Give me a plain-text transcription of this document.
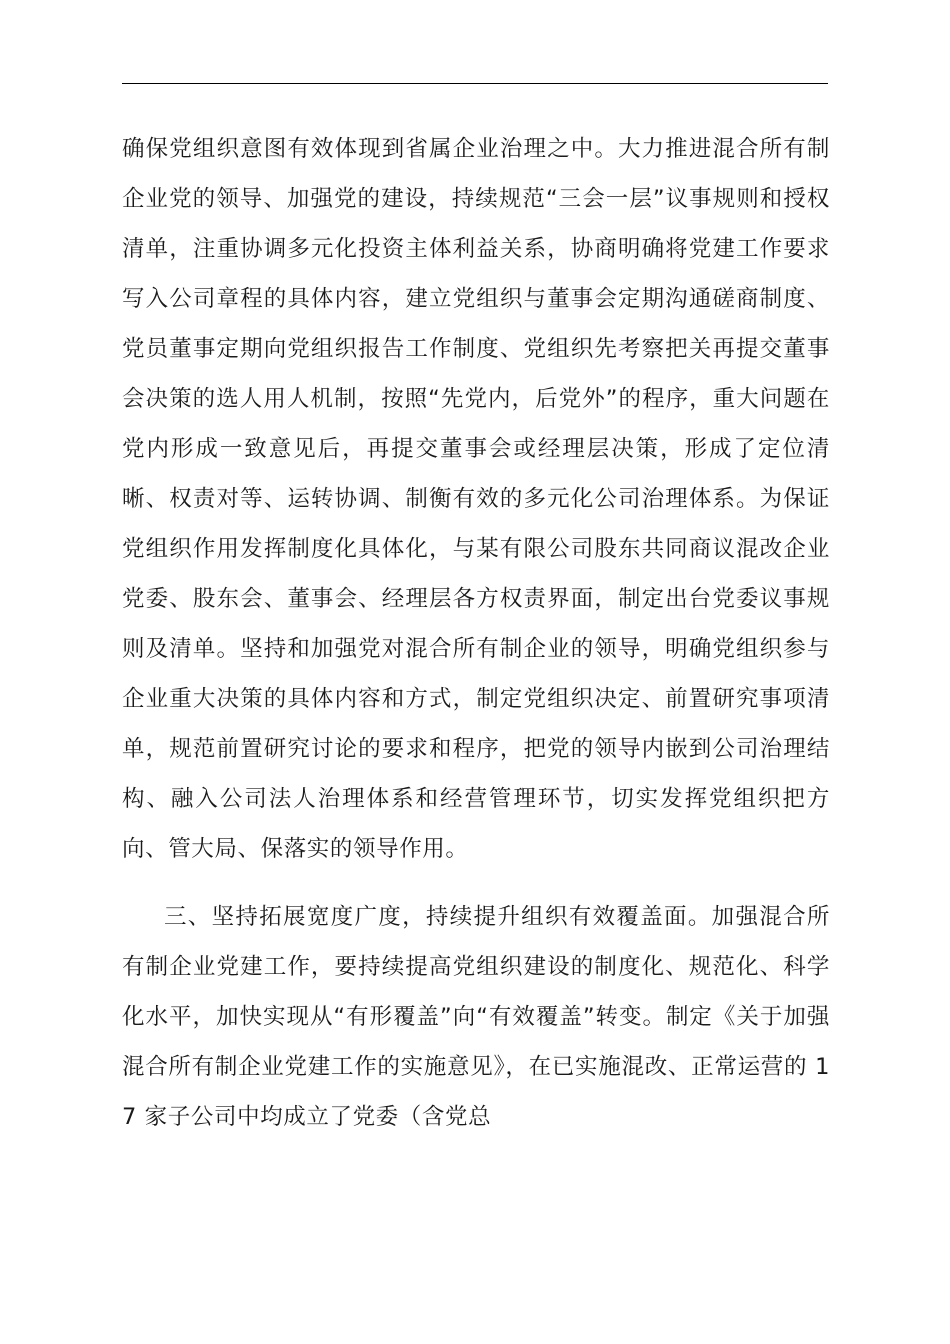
确保党组织意图有效体现到省属企业治理之中。大力推进混合所有制企业党的领导、加强党的建设，持续规范“三会一层”议事规则和授权清单，注重协调多元化投资主体利益关系，协商明确将党建工作要求写入公司章程的具体内容，建立党组织与董事会定期沟通磋商制度、党员董事定期向党组织报告工作制度、党组织先考察把关再提交董事会决策的选人用人机制，按照“先党内，后党外”的程序，重大问题在党内形成一致意见后，再提交董事会或经理层决策，形成了定位清晰、权责对等、运转协调、制衡有效的多元化公司治理体系。为保证党组织作用发挥制度化具体化，与某有限公司股东共同商议混改企业党委、股东会、董事会、经理层各方权责界面，制定出台党委议事规则及清单。坚持和加强党对混合所有制企业的领导，明确党组织参与企业重大决策的具体内容和方式，制定党组织决定、前置研究事项清单，规范前置研究讨论的要求和程序，把党的领导内嵌到公司治理结构、融入公司法人治理体系和经营管理环节，切实发挥党组织把方向、管大局、保落实的领导作用。

三、坚持拓展宽度广度，持续提升组织有效覆盖面。加强混合所有制企业党建工作，要持续提高党组织建设的制度化、规范化、科学化水平，加快实现从“有形覆盖”向“有效覆盖”转变。制定《关于加强混合所有制企业党建工作的实施意见》，在已实施混改、正常运营的 17 家子公司中均成立了党委（含党总
